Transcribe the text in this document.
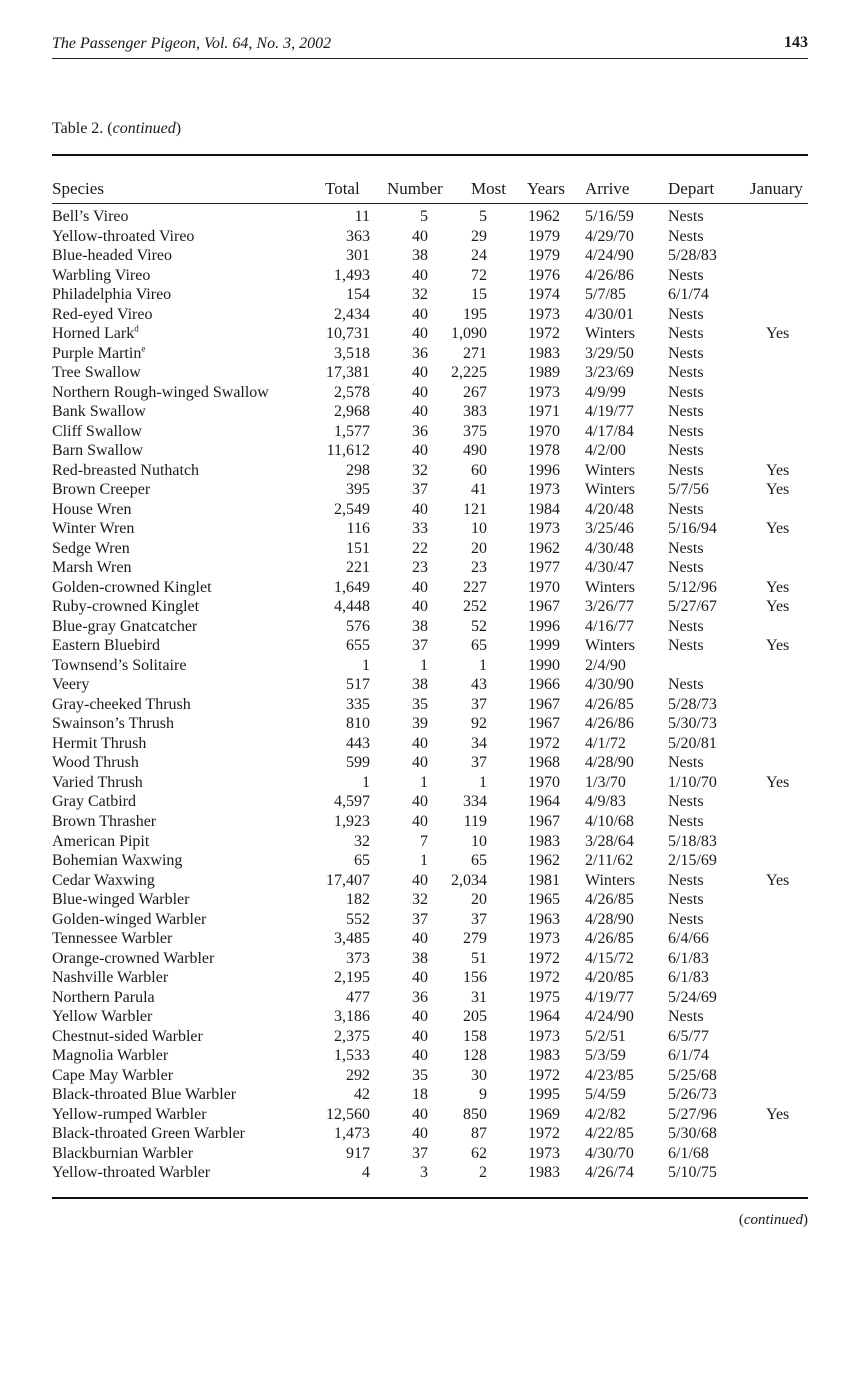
The Passenger Pigeon, Vol. 64, No. 3, 2002	143
Table 2. (continued)
Species	Total Number Most Years Arrive Depart January
Bell’s Vireo	11	5	5	1962 5/16/59 Nests
Yellow-throated Vireo	363	40	29	1979 4/29/70 Nests
Blue-headed Vireo	301	38	24	1979 4/24/90 5/28/83
Warbling Vireo	1,493	40	72	1976 4/26/86 Nests
Philadelphia Vireo	154	32	15	1974 5/7/85	6/1/74
Red-eyed Vireo	2,434	40 195	1973 4/30/01 Nests
Horned Lark$^d$	10,731	40 1,090	1972 Winters Nests	Yes
Purple Martin$^e$	3,518	36 271	1983 3/29/50 Nests
Tree Swallow	17,381	40 2,225	1989 3/23/69 Nests
Northern Rough-winged Swallow	2,578	40 267	1973 4/9/99	Nests
Bank Swallow	2,968	40 383	1971 4/19/77 Nests
Cliff Swallow	1,577	36 375	1970 4/17/84 Nests
Barn Swallow	11,612	40 490	1978 4/2/00	Nests
Red-breasted Nuthatch	298	32	60	1996 Winters Nests	Yes
Brown Creeper	395	37	41	1973 Winters 5/7/56	Yes
House Wren	2,549	40 121	1984 4/20/48 Nests
Winter Wren	116	33	10	1973 3/25/46 5/16/94	Yes
Sedge Wren	151	22	20	1962 4/30/48 Nests
Marsh Wren	221	23	23	1977 4/30/47 Nests
Golden-crowned Kinglet	1,649	40 227	1970 Winters 5/12/96	Yes
Ruby-crowned Kinglet	4,448	40 252	1967 3/26/77 5/27/67	Yes
Blue-gray Gnatcatcher	576	38	52	1996 4/16/77 Nests
Eastern Bluebird	655	37	65	1999 Winters Nests	Yes
Townsend’s Solitaire	1	1	1	1990 2/4/90
Veery	517	38	43	1966 4/30/90 Nests
Gray-cheeked Thrush	335	35	37	1967 4/26/85 5/28/73
Swainson’s Thrush	810	39	92	1967 4/26/86 5/30/73
Hermit Thrush	443	40	34	1972 4/1/72	5/20/81
Wood Thrush	599	40	37	1968 4/28/90 Nests
Varied Thrush	1	1	1	1970 1/3/70	1/10/70	Yes
Gray Catbird	4,597	40 334	1964 4/9/83	Nests
Brown Thrasher	1,923	40 119	1967 4/10/68 Nests
American Pipit	32	7	10	1983 3/28/64 5/18/83
Bohemian Waxwing	65	1	65	1962 2/11/62 2/15/69
Cedar Waxwing	17,407	40 2,034	1981 Winters Nests	Yes
Blue-winged Warbler	182	32	20	1965 4/26/85 Nests
Golden-winged Warbler	552	37	37	1963 4/28/90 Nests
Tennessee Warbler	3,485	40 279	1973 4/26/85 6/4/66
Orange-crowned Warbler	373	38	51	1972 4/15/72 6/1/83
Nashville Warbler	2,195	40 156	1972 4/20/85 6/1/83
Northern Parula	477	36	31	1975 4/19/77 5/24/69
Yellow Warbler	3,186	40 205	1964 4/24/90 Nests
Chestnut-sided Warbler	2,375	40 158	1973 5/2/51	6/5/77
Magnolia Warbler	1,533	40 128	1983 5/3/59	6/1/74
Cape May Warbler	292	35	30	1972 4/23/85 5/25/68
Black-throated Blue Warbler	42	18	9	1995 5/4/59	5/26/73
Yellow-rumped Warbler	12,560	40 850	1969 4/2/82	5/27/96	Yes
Black-throated Green Warbler	1,473	40	87	1972 4/22/85 5/30/68
Blackburnian Warbler	917	37	62	1973 4/30/70 6/1/68
Yellow-throated Warbler	4	3	2	1983 4/26/74 5/10/75
(continued)
